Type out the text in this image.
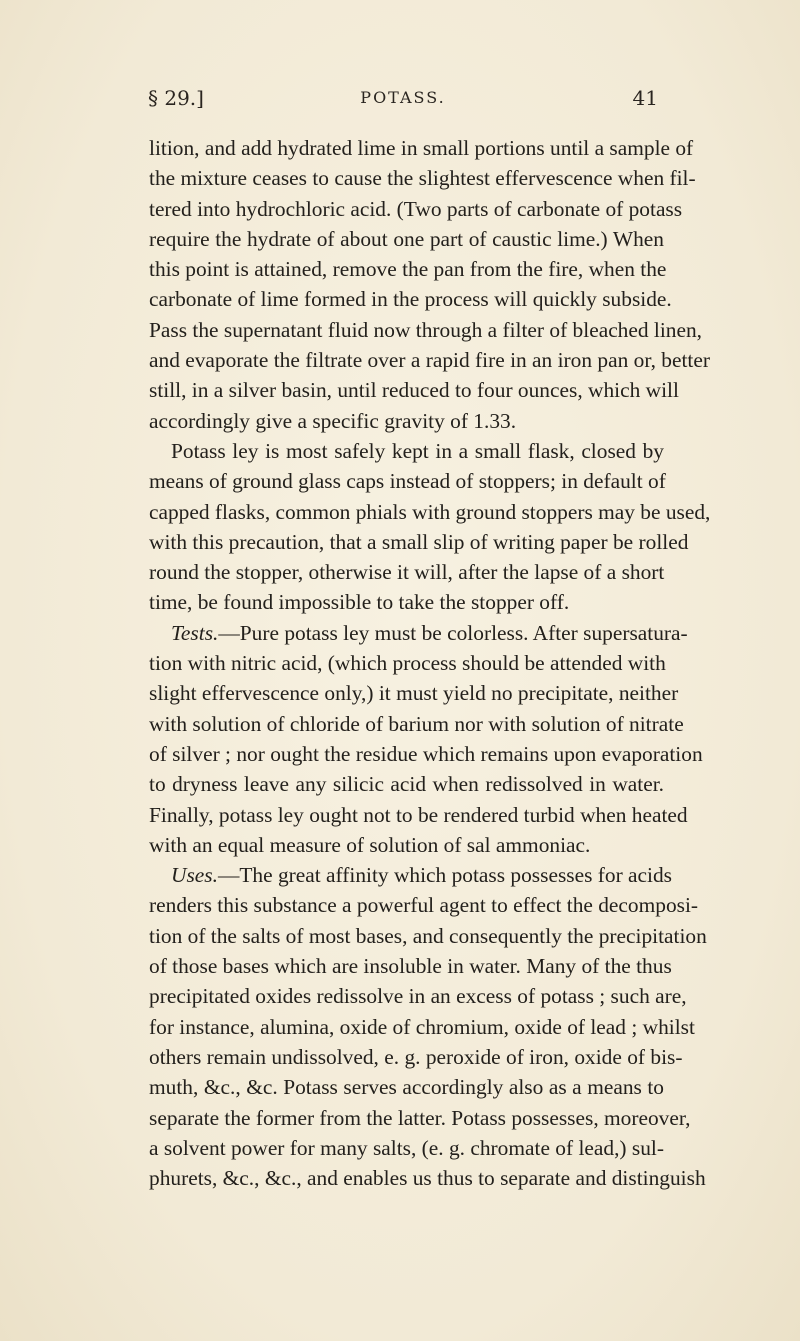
§ 29.]	POTASS.	41
lition, and add hydrated lime in small portions until a sample of
the mixture ceases to cause the slightest effervescence when fil-
tered into hydrochloric acid. (Two parts of carbonate of potass
require the hydrate of about one part of caustic lime.) When
this point is attained, remove the pan from the fire, when the
carbonate of lime formed in the process will quickly subside.
Pass the supernatant fluid now through a filter of bleached linen,
and evaporate the filtrate over a rapid fire in an iron pan or, better
still, in a silver basin, until reduced to four ounces, which will
accordingly give a specific gravity of 1.33.
Potass ley is most safely kept in a small flask, closed by
means of ground glass caps instead of stoppers; in default of
capped flasks, common phials with ground stoppers may be used,
with this precaution, that a small slip of writing paper be rolled
round the stopper, otherwise it will, after the lapse of a short
time, be found impossible to take the stopper off.
Tests.—Pure potass ley must be colorless. After supersatura-
tion with nitric acid, (which process should be attended with
slight effervescence only,) it must yield no precipitate, neither
with solution of chloride of barium nor with solution of nitrate
of silver ; nor ought the residue which remains upon evaporation
to dryness leave any silicic acid when redissolved in water.
Finally, potass ley ought not to be rendered turbid when heated
with an equal measure of solution of sal ammoniac.
Uses.—The great affinity which potass possesses for acids
renders this substance a powerful agent to effect the decomposi-
tion of the salts of most bases, and consequently the precipitation
of those bases which are insoluble in water. Many of the thus
precipitated oxides redissolve in an excess of potass ; such are,
for instance, alumina, oxide of chromium, oxide of lead ; whilst
others remain undissolved, e. g. peroxide of iron, oxide of bis-
muth, &c., &c. Potass serves accordingly also as a means to
separate the former from the latter. Potass possesses, moreover,
a solvent power for many salts, (e. g. chromate of lead,) sul-
phurets, &c., &c., and enables us thus to separate and distinguish
